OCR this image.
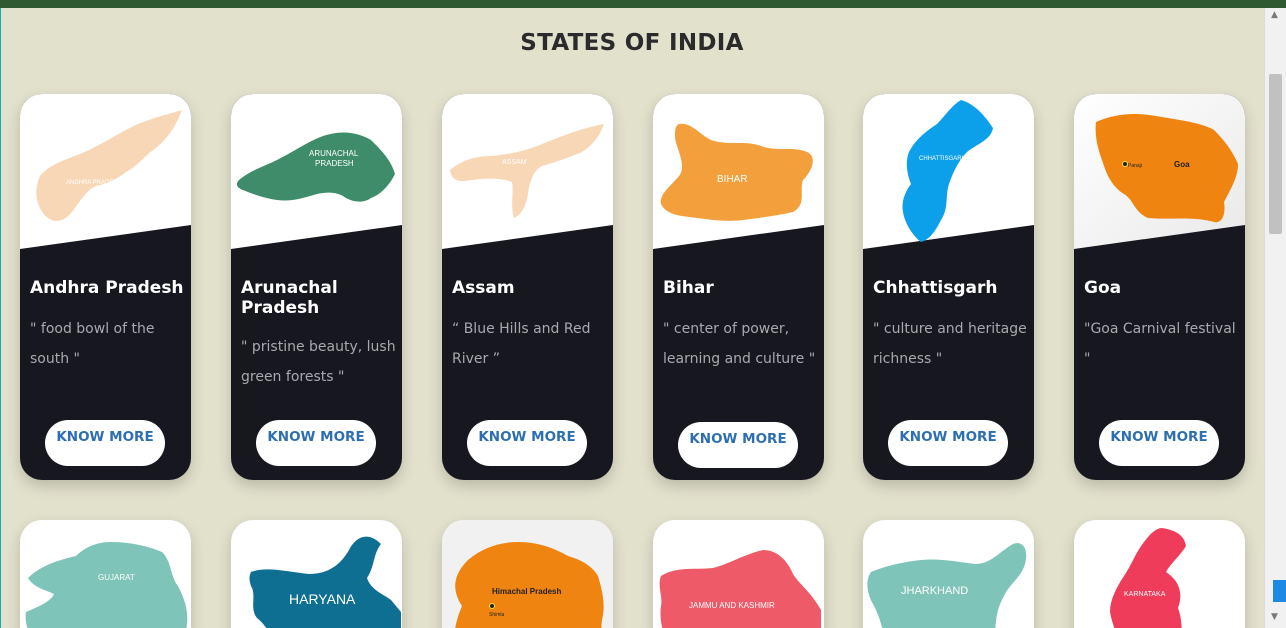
STATES OF INDIA
ANDHRA PRADESH
Andhra Pradesh

" food bowl of the south "

KNOW MORE
ARUNACHAL
PRADESH
Arunachal Pradesh

" pristine beauty, lush green forests "

KNOW MORE
ASSAM
Assam

“ Blue Hills and Red River ”

KNOW MORE
BIHAR
Bihar

" center of power, learning and culture "

KNOW MORE
CHHATTISGARH
Chhattisgarh

" culture and heritage richness "

KNOW MORE
Panaji	Goa
Goa

"Goa Carnival festival "

KNOW MORE
GUJARAT
HARYANA	Himachal Pradesh
Shimla
JAMMU AND KASHMIR
JHARKHAND	KARNATAKA
▲
▼
